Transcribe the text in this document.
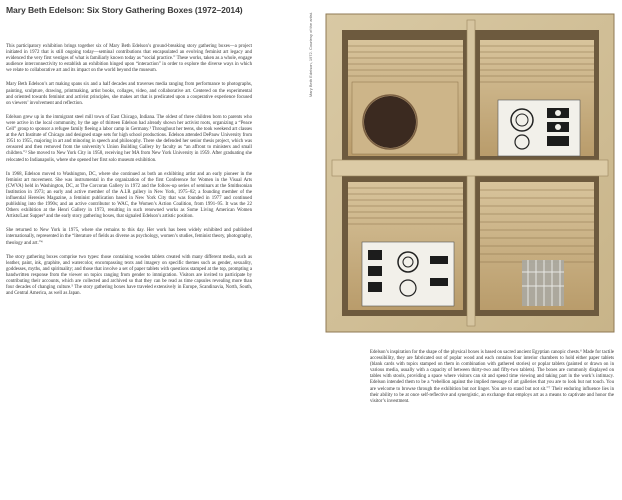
Mary Beth Edelson: Six Story Gathering Boxes (1972–2014)

This participatory exhibition brings together six of Mary Beth Edelson’s ground-breaking story gathering boxes—a project initiated in 1972 that is still ongoing today—seminal contributions that encapsulated an evolving feminist art legacy and evidenced the very first vestiges of what is familiarly known today as “social practice.” These works, taken as a whole, engage audience interconnectivity to establish an exhibition hinged upon “interaction” in order to explore the diverse ways in which we relate to collaborative art and its impact on the world beyond the museum.

Mary Beth Edelson’s art making spans six and a half decades and traverses media ranging from performance to photographs, painting, sculpture, drawing, printmaking, artist books, collages, video, and collaborative art. Centered on the experimental and oriented towards feminist and activist principles, she makes art that is predicated upon a cooperative experience focused on viewers’ involvement and reflection.

Edelson grew up in the immigrant steel mill town of East Chicago, Indiana. The oldest of three children born to parents who were active in the local community, by the age of thirteen Edelson had already shown her activist roots, organizing a “Peace Cell” group to sponsor a refugee family fleeing a labor camp in Germany.¹ Throughout her teens, she took weekend art classes at the Art Institute of Chicago and designed stage sets for high school productions. Edelson attended DePauw University from 1951 to 1955, majoring in art and minoring in speech and philosophy. There she defended her senior thesis project, which was censored and then removed from the university’s Union Building Gallery by faculty as “an affront to ministers and small children.”² She moved to New York City in 1958, receiving her MA from New York University in 1959. After graduating she relocated to Indianapolis, where she opened her first solo museum exhibition.

In 1968, Edelson moved to Washington, DC, where she continued as both an exhibiting artist and an early pioneer in the feminist art movement. She was instrumental in the organization of the first Conference for Women in the Visual Arts (CWVA) held in Washington, DC, at The Corcoran Gallery in 1972 and the follow-up series of seminars at the Smithsonian Institution in 1973; an early and active member of the A.I.R gallery in New York, 1975–82; a founding member of the influential Heresies Magazine, a feminist publication based in New York City that was founded in 1977 and continued publishing into the 1990s; and an active contributor to WAC, the Women’s Action Coalition, from 1991–95. It was the 22 Others exhibition at the Henri Gallery in 1973, resulting in such renowned works as Some Living American Women Artists/Last Supper³ and the early story gathering boxes, that signaled Edelson’s artistic position.

She returned to New York in 1975, where she remains to this day. Her work has been widely exhibited and published internationally, represented in the “literature of fields as diverse as psychology, women’s studies, feminist theory, photography, theology and art.”⁴

The story gathering boxes comprise two types: those containing wooden tablets created with many different media, such as leather, paint, ink, graphite, and watercolor, encompassing texts and imagery on specific themes such as gender, sexuality, goddesses, myths, and spirituality; and those that involve a set of paper tablets with questions stamped at the top, prompting a handwritten response from the viewer on topics ranging from gender to immigration. Visitors are invited to participate by contributing their accounts, which are collected and archived so that they can be read as time capsules revealing more than four decades of changing culture.⁵ The story gathering boxes have traveled extensively in Europe, Scandinavia, North, South, and Central America, as well as Japan.

Mary Beth Edelson, 1972. Courtesy of the artist.

Edelson’s inspiration for the shape of the physical boxes is based on sacred ancient Egyptian canopic chests.⁶ Made for tactile accessibility, they are fabricated out of poplar wood and each contains four interior chambers to hold either paper tablets (blank cards with topics stamped on them in combination with gathered stories) or poplar tablets (painted or drawn on in various media, usually with a capacity of between thirty-two and fifty-two tablets). The boxes are commonly displayed on tables with stools, providing a space where visitors can sit and spend time viewing and taking part in the work’s intimacy. Edelson intended them to be a “rebellion against the implied message of art galleries that you are to look but not touch. You are welcome to browse through the exhibition but not linger. You are to stand but not sit.”⁷ Their enduring influence lies in their ability to be at once self-reflective and synergistic, an exchange that employs art as a means to captivate and honor the visitor’s investment.
